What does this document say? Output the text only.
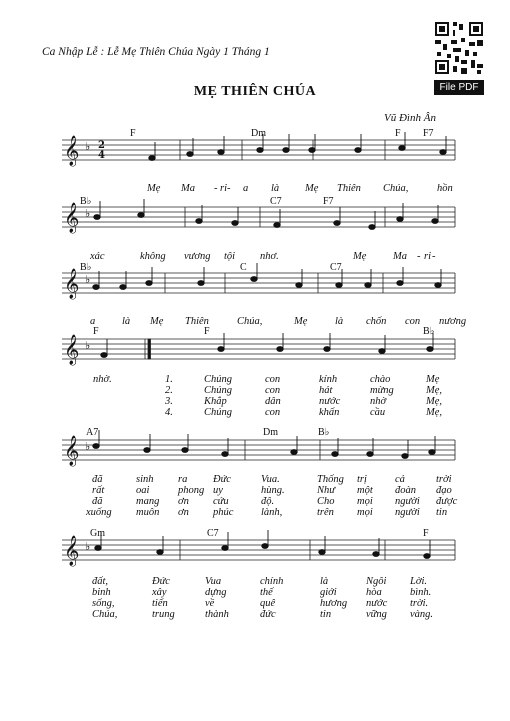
Ca Nhập Lễ : Lễ Mẹ Thiên Chúa Ngày 1 Tháng 1
File PDF
MẸ THIÊN CHÚA
Vũ Đình Ân
𝄞 ♭ 2
4
𝄞 ♭
𝄞 ♭
𝄞 ♭
𝄞 ♭
𝄞 ♭
F	Dm	F F7
Mẹ Ma - ri - a là Mẹ Thiên Chúa,	hồn
B♭	C7	F7
xác	không vương tội nhơ.	Mẹ	Ma - ri -
B♭	C	C7
a	là Mẹ Thiên	Chúa,	Mẹ	là chốn con nương
F	F	B♭
nhờ.	1.	Chúng	con	kính	chào	Mẹ
2.	Chúng	con	hát	mừng	Mẹ,
3.	Khắp	dân	nước	nhờ	Mẹ,
4.	Chúng	con	khấn	cầu	Mẹ,
A7	Dm	B♭
đã	sinh ra Đức	Vua.	Thống trị	cả	trời
rất	oai	phong uy	hùng.	Như một đoàn đạo
đã	mang ơn cứu	độ.	Cho mọi người được
xuống muôn ơn phúc	lành,	trên mọi người tin
Gm	C7	F
đất,	Đức	Vua	chính	là	Ngôi Lời.
binh	xây	dựng	thế	giới	hòa	bình.
sống,	tiến	về	quê	hương nước trời.
Chúa,	trung	thành	đức	tin	vững vàng.
